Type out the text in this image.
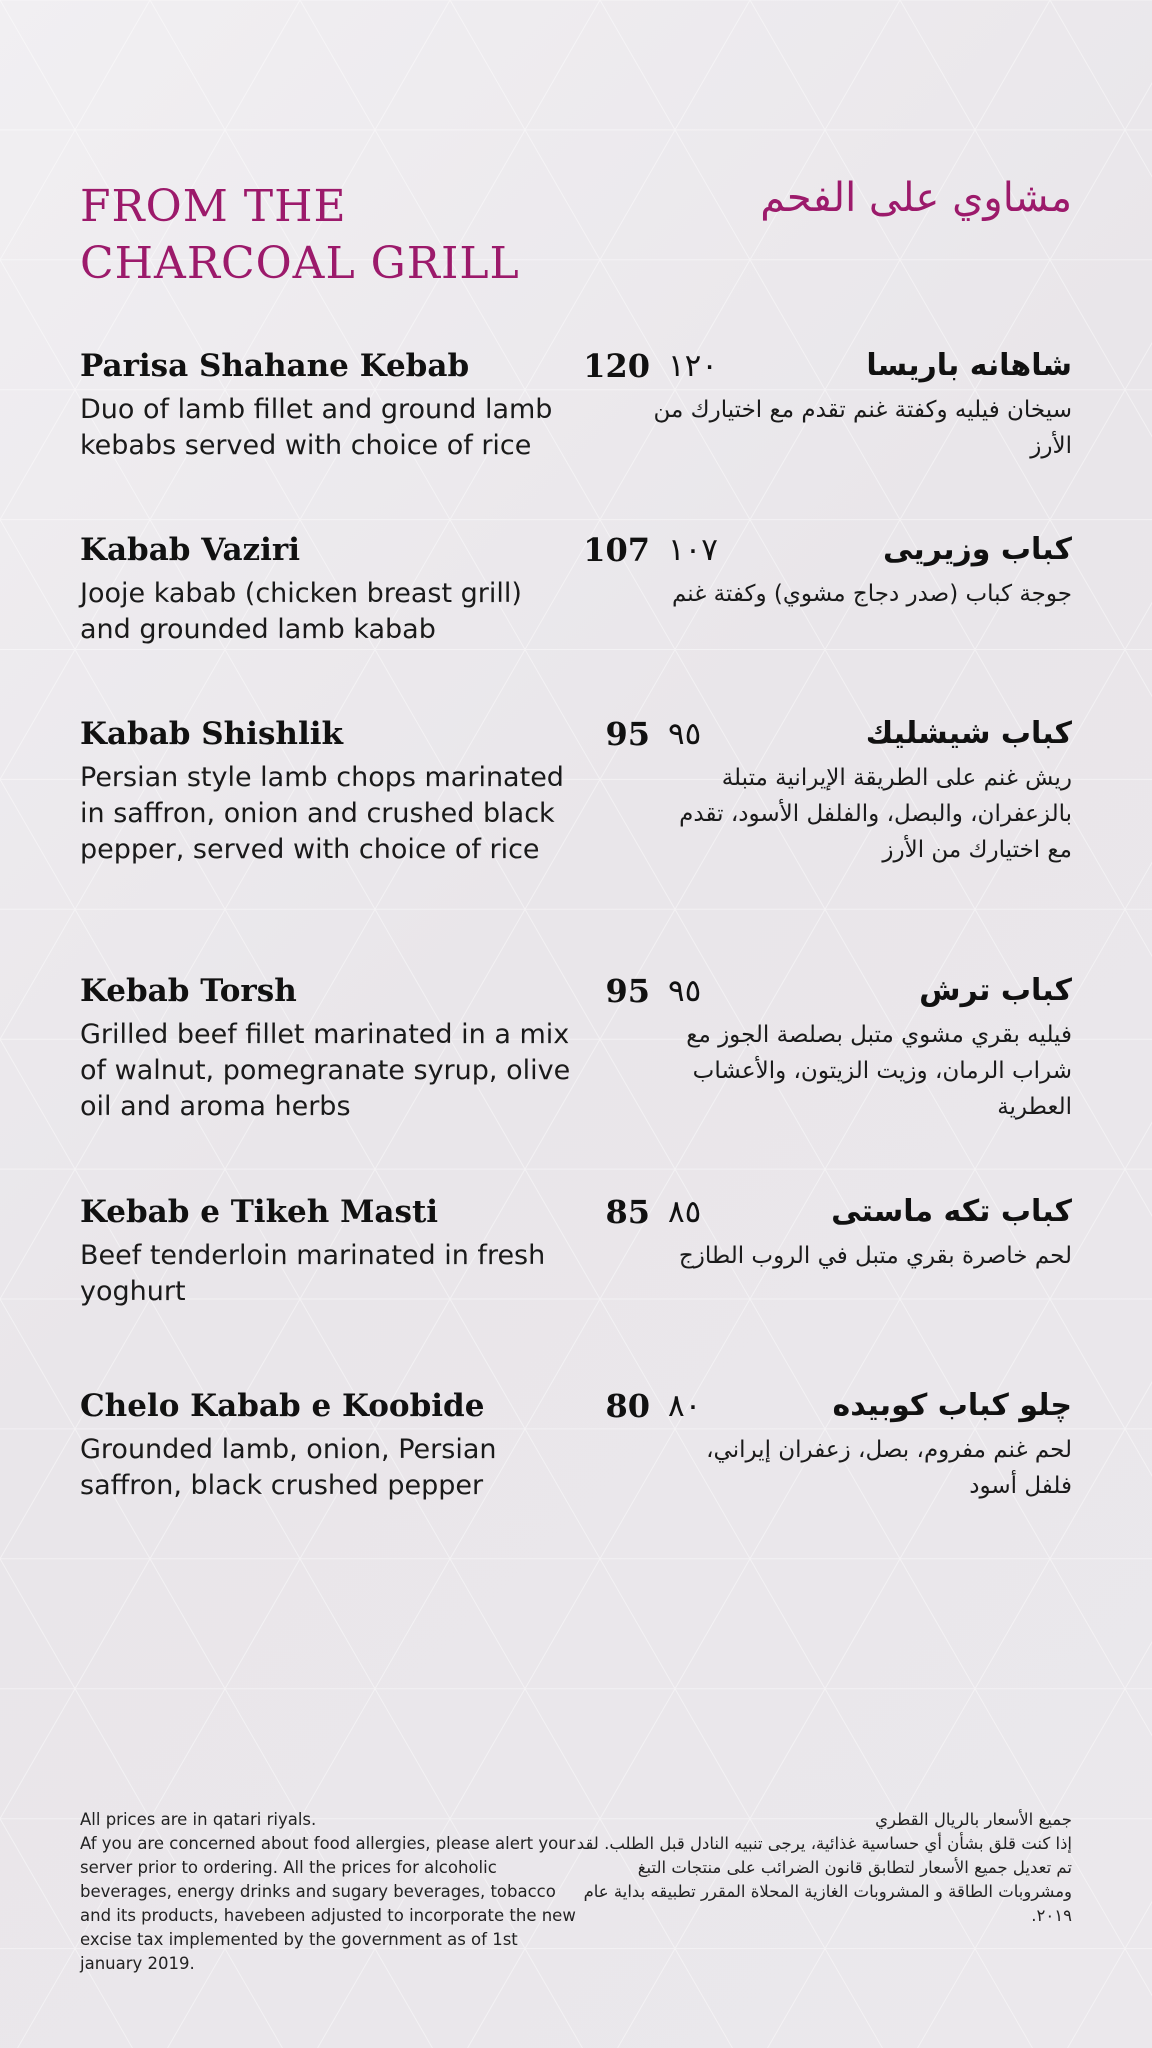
FROM THE CHARCOAL GRILL
مشاوي على الفحم
Parisa Shahane Kebab	120 ١٢٠
Duo of lamb fillet and ground lamb kebabs served with choice of rice
شاهانه باريسا
سيخان فيليه وكفتة غنم تقدم مع اختيارك من الأرز
Kabab Vaziri	107 ١٠٧
Jooje kabab (chicken breast grill) and grounded lamb kabab
كباب وزيريى
جوجة كباب (صدر دجاج مشوي) وكفتة غنم
Kabab Shishlik	95 ٩٥
Persian style lamb chops marinated in saffron, onion and crushed black pepper, served with choice of rice
كباب شيشليك
ريش غنم على الطريقة الإيرانية متبلة بالزعفران، والبصل، والفلفل الأسود، تقدم مع اختيارك من الأرز
Kebab Torsh	95 ٩٥
Grilled beef fillet marinated in a mix of walnut, pomegranate syrup, olive oil and aroma herbs
كباب ترش
فيليه بقري مشوي متبل بصلصة الجوز مع شراب الرمان، وزيت الزيتون، والأعشاب العطرية
Kebab e Tikeh Masti	85 ٨٥
Beef tenderloin marinated in fresh yoghurt
كباب تكه ماستى
لحم خاصرة بقري متبل في الروب الطازج
Chelo Kabab e Koobide	80 ٨٠
Grounded lamb, onion, Persian saffron, black crushed pepper
چلو كباب كوبيده
لحم غنم مفروم، بصل، زعفران إيراني، فلفل أسود

All prices are in qatari riyals.

Af you are concerned about food allergies, please alert your server prior to ordering. All the prices for alcoholic beverages, energy drinks and sugary beverages, tobacco and its products, havebeen adjusted to incorporate the new excise tax implemented by the government as of 1st january 2019.

جميع الأسعار بالريال القطري

إذا كنت قلق بشأن أي حساسية غذائية، يرجى تنبيه النادل قبل الطلب. لقد تم تعديل جميع الأسعار لتطابق قانون الضرائب على منتجات التبغ ومشروبات الطاقة و المشروبات الغازية المحلاة المقرر تطبيقه بداية عام ٢٠١٩.
